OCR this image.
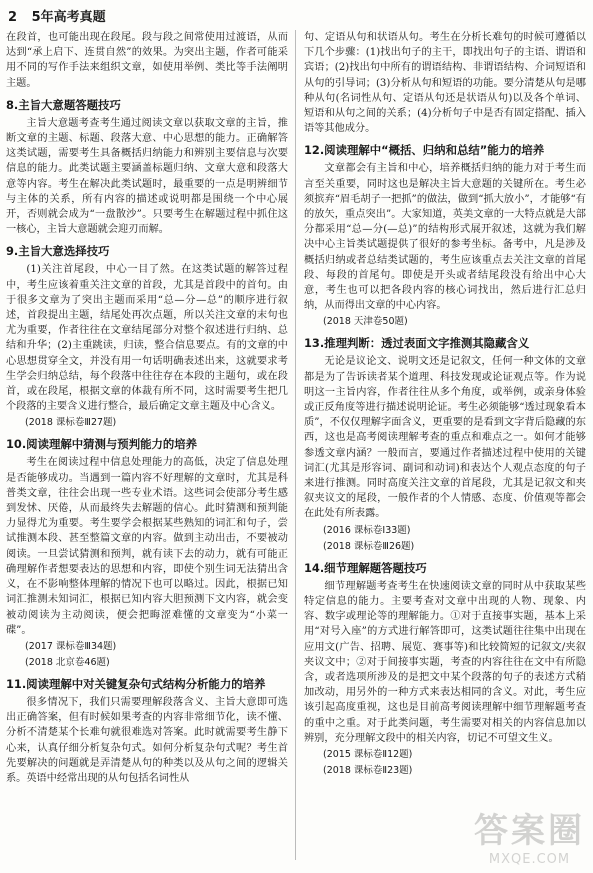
2 5年高考真题

在段首，也可能出现在段尾。段与段之间常使用过渡语，从而达到“承上启下、连贯自然”的效果。为突出主题，作者可能采用不同的写作手法来组织文章，如使用举例、类比等手法阐明主题。

8.主旨大意题答题技巧

主旨大意题考查考生通过阅读文章以获取文章的主旨，推断文章的主题、标题、段落大意、中心思想的能力。正确解答这类试题，需要考生具备概括归纳能力和辨别主要信息与次要信息的能力。此类试题主要涵盖标题归纳、文章大意和段落大意等内容。考生在解决此类试题时，最重要的一点是明辨细节与主体的关系，所有内容的描述或说明都是围绕一个中心展开，否则就会成为“一盘散沙”。只要考生在解题过程中抓住这一核心，主旨大意题就会迎刃而解。

9.主旨大意选择技巧

(1)关注首尾段，中心一目了然。在这类试题的解答过程中，考生应该着重关注文章的首段，尤其是首段中的首句。由于很多文章为了突出主题而采用“总—分—总”的顺序进行叙述，首段提出主题，结尾处再次点题，所以关注文章的末句也尤为重要，作者往往在文章结尾部分对整个叙述进行归纳、总结和升华；(2)主重跳读，归读，整合信息要点。有的文章的中心思想贯穿全文，并没有用一句话明确表述出来，这就要求考生学会归纳总结，每个段落中往往存在本段的主题句，或在段首，或在段尾，根据文章的体裁有所不同，这时需要考生把几个段落的主要含义进行整合，最后确定文章主题及中心含义。

(2018 课标卷Ⅲ27题)
10.阅读理解中猜测与预判能力的培养

考生在阅读过程中信息处理能力的高低，决定了信息处理是否能够成功。当遇到一篇内容不好理解的文章时，尤其是科普类文章，往往会出现一些专业术语。这些词会使部分考生感到发怵、厌倦，从而最终失去解题的信心。此时猜测和预判能力显得尤为重要。考生要学会根据某些熟知的词汇和句子，尝试推测本段、甚至整篇文章的内容。做到主动出击，不要被动阅读。一旦尝试猜测和预判，就有读下去的动力，就有可能正确理解作者想要表达的思想和内容，即使个别生词无法猜出含义，在不影响整体理解的情况下也可以略过。因此，根据已知词汇推测未知词汇，根据已知内容大胆预测下文内容，就会变被动阅读为主动阅读，便会把晦涩难懂的文章变为“小菜一碟”。

(2017 课标卷Ⅲ34题)
(2018 北京卷46题)
11.阅读理解中对关键复杂句式结构分析能力的培养

很多情况下，我们只需要理解段落含义、主旨大意即可选出正确答案，但有时候如果考查的内容非常细节化，读不懂、分析不清楚某个长难句就很难选对答案。此时就需要考生静下心来，认真仔细分析复杂句式。如何分析复杂句式呢？考生首先要解决的问题就是弄清楚从句的种类以及从句之间的逻辑关系。英语中经常出现的从句包括名词性从

句、定语从句和状语从句。考生在分析长难句的时候可遵循以下几个步骤：(1)找出句子的主干，即找出句子的主语、谓语和宾语；(2)找出句中所有的谓语结构、非谓语结构、介词短语和从句的引导词；(3)分析从句和短语的功能。要分清楚从句是哪种从句(名词性从句、定语从句还是状语从句)以及各个单词、短语和从句之间的关系；(4)分析句子中是否有固定搭配、插入语等其他成分。

12.阅读理解中“概括、归纳和总结”能力的培养

文章都会有主旨和中心，培养概括归纳的能力对于考生而言至关重要，同时这也是解决主旨大意题的关键所在。考生必须摈弃“眉毛胡子一把抓”的做法，做到“抓大放小”，才能够“有的放矢，重点突出”。大家知道，英美文章的一大特点就是大部分都采用“总—分(—总)”的结构形式展开叙述，这就为我们解决中心主旨类试题提供了很好的参考坐标。备考中，凡是涉及概括归纳或者总结类试题的，考生应该重点去关注文章的首尾段、每段的首尾句。即使是开头或者结尾段没有给出中心大意，考生也可以把各段内容的核心词找出，然后进行汇总归纳，从而得出文章的中心内容。

(2018 天津卷50题)
13.推理判断：透过表面文字推测其隐藏含义

无论是议论文、说明文还是记叙文，任何一种文体的文章都是为了告诉读者某个道理、科技发现或论证观点等。作为说明这一主旨内容，作者往往从多个角度，或举例，或亲身体验或正反角度等进行描述说明论证。考生必须能够“透过现象看本质”，不仅仅理解字面含义，更重要的是看到文字背后隐藏的东西，这也是高考阅读理解考查的重点和难点之一。如何才能够参透文章内涵？一般而言，要通过作者描述过程中使用的关键词汇(尤其是形容词、副词和动词)和表达个人观点态度的句子来进行推测。同时高度关注文章的首尾段，尤其是记叙文和夹叙夹议文的尾段，一般作者的个人情感、态度、价值观等都会在此处有所表露。

(2016 课标卷Ⅰ33题)
(2018 课标卷Ⅲ26题)
14.细节理解题答题技巧

细节理解题考查考生在快速阅读文章的同时从中获取某些特定信息的能力。主要考查对文章中出现的人物、现象、内容、数字或理论等的理解能力。①对于直接事实题，基本上采用“对号入座”的方式进行解答即可，这类试题往往集中出现在应用文(广告、招聘、展览、赛事等)和比较简短的记叙文/夹叙夹议文中；②对于间接事实题，考查的内容往往在文中有所隐含，或者选项所涉及的是把文中某个段落的句子的表述方式稍加改动，用另外的一种方式来表达相同的含义。对此，考生应该引起高度重视，这也是目前高考阅读理解中细节理解题考查的重中之重。对于此类问题，考生需要对相关的内容信息加以辨别，充分理解文段中的相关内容，切记不可望文生义。

(2015 课标卷Ⅱ12题)
(2018 课标卷Ⅱ23题)
答案圈
MXQE.COM
